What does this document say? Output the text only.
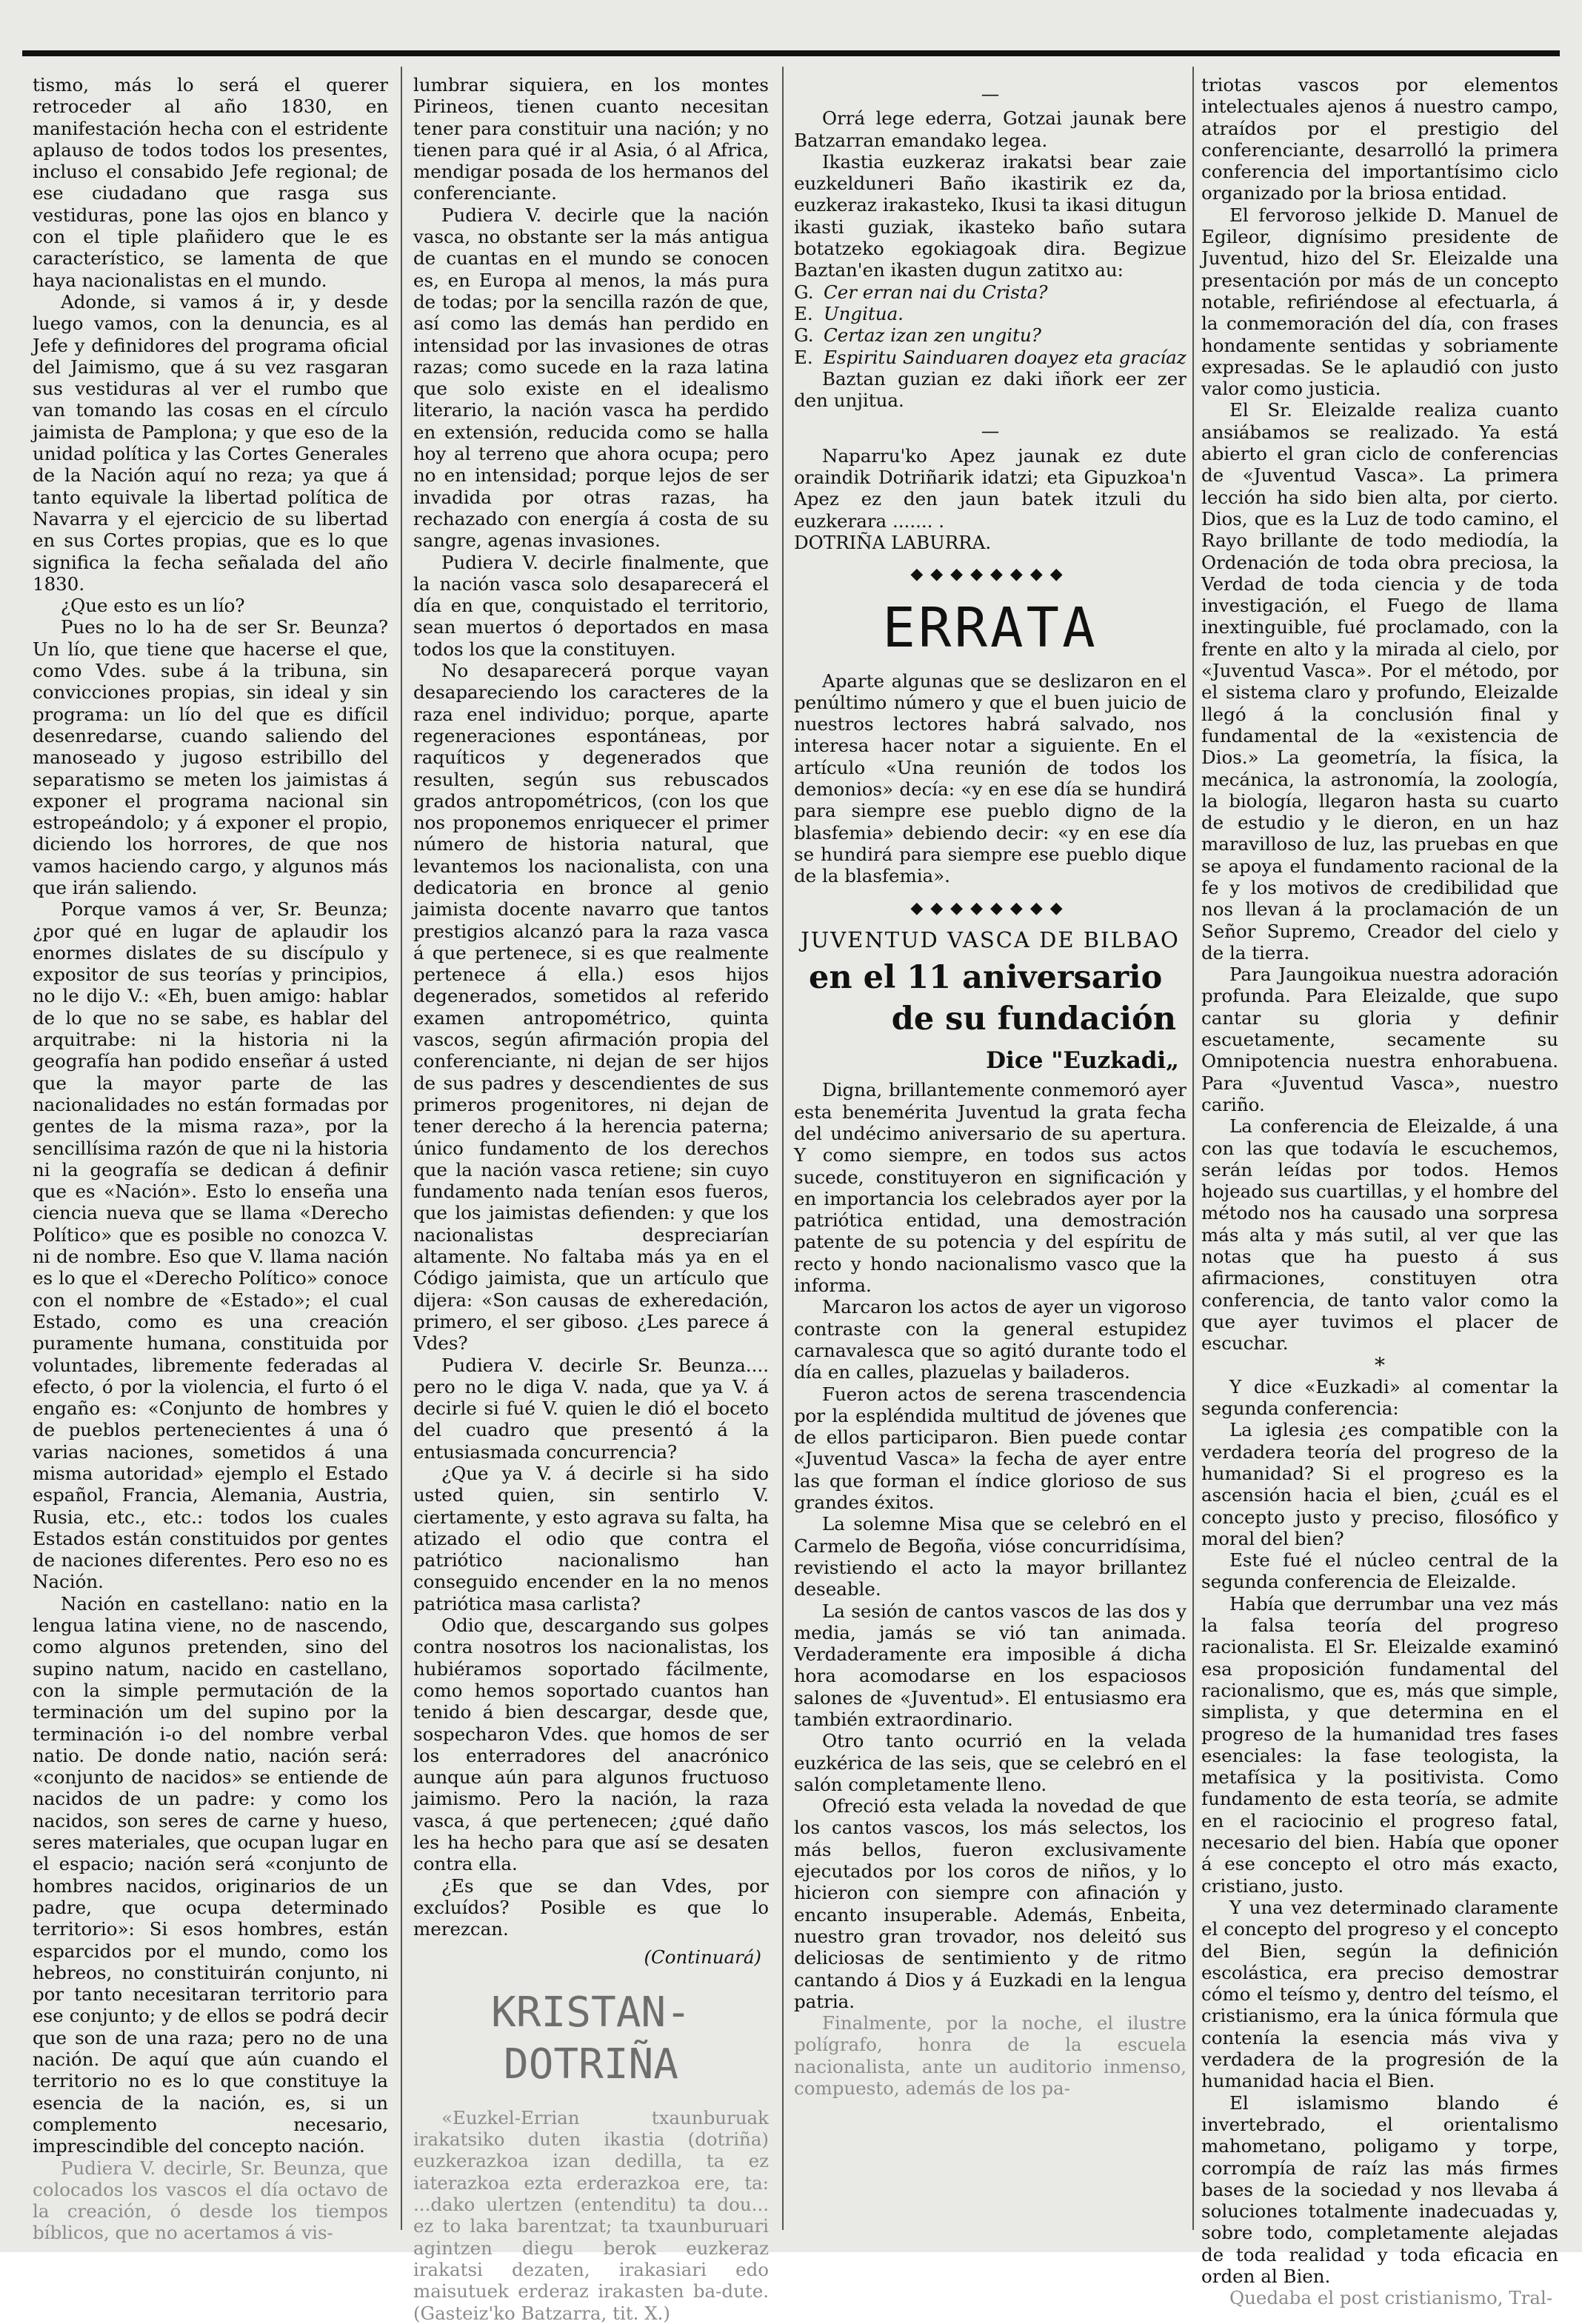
tismo, más lo será el querer retroceder al año 1830, en manifestación hecha con el estridente aplauso de todos todos los presentes, incluso el consabido Jefe regional; de ese ciudadano que rasga sus vestiduras, pone las ojos en blanco y con el tiple plañidero que le es característico, se lamenta de que haya nacionalistas en el mundo.

Adonde, si vamos á ir, y desde luego vamos, con la denuncia, es al Jefe y definidores del programa oficial del Jaimismo, que á su vez rasgaran sus vestiduras al ver el rumbo que van tomando las cosas en el círculo jaimista de Pamplona; y que eso de la unidad política y las Cortes Generales de la Nación aquí no reza; ya que á tanto equivale la libertad política de Navarra y el ejercicio de su libertad en sus Cortes propias, que es lo que significa la fecha señalada del año 1830.

¿Que esto es un lío?

Pues no lo ha de ser Sr. Beunza? Un lío, que tiene que hacerse el que, como Vdes. sube á la tribuna, sin convicciones propias, sin ideal y sin programa: un lío del que es difícil desenredarse, cuando saliendo del manoseado y jugoso estribillo del separatismo se meten los jaimistas á exponer el programa nacional sin estropeándolo; y á exponer el propio, diciendo los horrores, de que nos vamos haciendo cargo, y algunos más que irán saliendo.

Porque vamos á ver, Sr. Beunza; ¿por qué en lugar de aplaudir los enormes dislates de su discípulo y expositor de sus teorías y principios, no le dijo V.: «Eh, buen amigo: hablar de lo que no se sabe, es hablar del arquitrabe: ni la historia ni la geografía han podido enseñar á usted que la mayor parte de las nacionalidades no están formadas por gentes de la misma raza», por la sencillísima razón de que ni la historia ni la geografía se dedican á definir que es «Nación». Esto lo enseña una ciencia nueva que se llama «Derecho Político» que es posible no conozca V. ni de nombre. Eso que V. llama nación es lo que el «Derecho Político» conoce con el nombre de «Estado»; el cual Estado, como es una creación puramente humana, constituida por voluntades, libremente federadas al efecto, ó por la violencia, el furto ó el engaño es: «Conjunto de hombres y de pueblos pertenecientes á una ó varias naciones, sometidos á una misma autoridad» ejemplo el Estado español, Francia, Alemania, Austria, Rusia, etc., etc.: todos los cuales Estados están constituidos por gentes de naciones diferentes. Pero eso no es Nación.

Nación en castellano: natio en la lengua latina viene, no de nascendo, como algunos pretenden, sino del supino natum, nacido en castellano, con la simple permutación de la terminación um del supino por la terminación i-o del nombre verbal natio. De donde natio, nación será: «conjunto de nacidos» se entiende de nacidos de un padre: y como los nacidos, son seres de carne y hueso, seres materiales, que ocupan lugar en el espacio; nación será «conjunto de hombres nacidos, originarios de un padre, que ocupa determinado territorio»: Si esos hombres, están esparcidos por el mundo, como los hebreos, no constituirán conjunto, ni por tanto necesitaran territorio para ese conjunto; y de ellos se podrá decir que son de una raza; pero no de una nación. De aquí que aún cuando el territorio no es lo que constituye la esencia de la nación, es, si un complemento necesario, imprescindible del concepto nación.

Pudiera V. decirle, Sr. Beunza, que colocados los vascos el día octavo de la creación, ó desde los tiempos bíblicos, que no acertamos á vis-

lumbrar siquiera, en los montes Pirineos, tienen cuanto necesitan tener para constituir una nación; y no tienen para qué ir al Asia, ó al Africa, mendigar posada de los hermanos del conferenciante.

Pudiera V. decirle que la nación vasca, no obstante ser la más antigua de cuantas en el mundo se conocen es, en Europa al menos, la más pura de todas; por la sencilla razón de que, así como las demás han perdido en intensidad por las invasiones de otras razas; como sucede en la raza latina que solo existe en el idealismo literario, la nación vasca ha perdido en extensión, reducida como se halla hoy al terreno que ahora ocupa; pero no en intensidad; porque lejos de ser invadida por otras razas, ha rechazado con energía á costa de su sangre, agenas invasiones.

Pudiera V. decirle finalmente, que la nación vasca solo desaparecerá el día en que, conquistado el territorio, sean muertos ó deportados en masa todos los que la constituyen.

No desaparecerá porque vayan desapareciendo los caracteres de la raza enel individuo; porque, aparte regeneraciones espontáneas, por raquíticos y degenerados que resulten, según sus rebuscados grados antropométricos, (con los que nos proponemos enriquecer el primer número de historia natural, que levantemos los nacionalista, con una dedicatoria en bronce al genio jaimista docente navarro que tantos prestigios alcanzó para la raza vasca á que pertenece, si es que realmente pertenece á ella.) esos hijos degenerados, sometidos al referido examen antropométrico, quinta vascos, según afirmación propia del conferenciante, ni dejan de ser hijos de sus padres y descendientes de sus primeros progenitores, ni dejan de tener derecho á la herencia paterna; único fundamento de los derechos que la nación vasca retiene; sin cuyo fundamento nada tenían esos fueros, que los jaimistas defienden: y que los nacionalistas despreciarían altamente. No faltaba más ya en el Código jaimista, que un artículo que dijera: «Son causas de exheredación, primero, el ser giboso. ¿Les parece á Vdes?

Pudiera V. decirle Sr. Beunza.... pero no le diga V. nada, que ya V. á decirle si fué V. quien le dió el boceto del cuadro que presentó á la entusiasmada concurrencia?

¿Que ya V. á decirle si ha sido usted quien, sin sentirlo V. ciertamente, y esto agrava su falta, ha atizado el odio que contra el patriótico nacionalismo han conseguido encender en la no menos patriótica masa carlista?

Odio que, descargando sus golpes contra nosotros los nacionalistas, los hubiéramos soportado fácilmente, como hemos soportado cuantos han tenido á bien descargar, desde que, sospecharon Vdes. que homos de ser los enterradores del anacrónico aunque aún para algunos fructuoso jaimismo. Pero la nación, la raza vasca, á que pertenecen; ¿qué daño les ha hecho para que así se desaten contra ella.

¿Es que se dan Vdes, por excluídos? Posible es que lo merezcan.

(Continuará)
KRISTAN-DOTRIÑA

«Euzkel-Errian txaunburuak irakatsiko duten ikastia (dotriña) euzkerazkoa izan dedilla, ta ez iaterazkoa ezta erderazkoa ere, ta: ...dako ulertzen (entenditu) ta dou... ez to laka barentzat; ta txaunburuari agintzen diegu berok euzkeraz irakatsi dezaten, irakasiari edo maisutuek erderaz irakasten ba-dute. (Gasteiz'ko Batzarra, tit. X.)

—

Orrá lege ederra, Gotzai jaunak bere Batzarran emandako legea.

Ikastia euzkeraz irakatsi bear zaie euzkelduneri Baño ikastirik ez da, euzkeraz irakasteko, Ikusi ta ikasi ditugun ikasti guziak, ikasteko baño sutara botatzeko egokiagoak dira. Begizue Baztan'en ikasten dugun zatitxo au:

G. Cer erran nai du Crista?

E. Ungitua.

G. Certaz izan zen ungitu?

E. Espiritu Sainduaren doayez eta gracíaz

Baztan guzian ez daki iñork eer zer den unjitua.

—

Naparru'ko Apez jaunak ez dute oraindik Dotriñarik idatzi; eta Gipuzkoa'n Apez ez den jaun batek itzuli du euzkerara ....... .

DOTRIÑA LABURRA.

◆◆◆◆◆◆◆◆
ERRATA

Aparte algunas que se deslizaron en el penúltimo número y que el buen juicio de nuestros lectores habrá salvado, nos interesa hacer notar a siguiente. En el artículo «Una reunión de todos los demonios» decía: «y en ese día se hundirá para siempre ese pueblo digno de la blasfemia» debiendo decir: «y en ese día se hundirá para siempre ese pueblo dique de la blasfemia».

◆◆◆◆◆◆◆◆
JUVENTUD VASCA DE BILBAO
en el 11 aniversario
de su fundación
Dice "Euzkadi„

Digna, brillantemente conmemoró ayer esta benemérita Juventud la grata fecha del undécimo aniversario de su apertura. Y como siempre, en todos sus actos sucede, constituyeron en significación y en importancia los celebrados ayer por la patriótica entidad, una demostración patente de su potencia y del espíritu de recto y hondo nacionalismo vasco que la informa.

Marcaron los actos de ayer un vigoroso contraste con la general estupidez carnavalesca que so agitó durante todo el día en calles, plazuelas y bailaderos.

Fueron actos de serena trascendencia por la espléndida multitud de jóvenes que de ellos participaron. Bien puede contar «Juventud Vasca» la fecha de ayer entre las que forman el índice glorioso de sus grandes éxitos.

La solemne Misa que se celebró en el Carmelo de Begoña, vióse concurridísima, revistiendo el acto la mayor brillantez deseable.

La sesión de cantos vascos de las dos y media, jamás se vió tan animada. Verdaderamente era imposible á dicha hora acomodarse en los espaciosos salones de «Juventud». El entusiasmo era también extraordinario.

Otro tanto ocurrió en la velada euzkérica de las seis, que se celebró en el salón completamente lleno.

Ofreció esta velada la novedad de que los cantos vascos, los más selectos, los más bellos, fueron exclusivamente ejecutados por los coros de niños, y lo hicieron con siempre con afinación y encanto insuperable. Además, Enbeita, nuestro gran trovador, nos deleitó sus deliciosas de sentimiento y de ritmo cantando á Dios y á Euzkadi en la lengua patria.

Finalmente, por la noche, el ilustre polígrafo, honra de la escuela nacionalista, ante un auditorio inmenso, compuesto, además de los pa-

triotas vascos por elementos intelectuales ajenos á nuestro campo, atraídos por el prestigio del conferenciante, desarrolló la primera conferencia del importantísimo ciclo organizado por la briosa entidad.

El fervoroso jelkide D. Manuel de Egileor, dignísimo presidente de Juventud, hizo del Sr. Eleizalde una presentación por más de un concepto notable, refiriéndose al efectuarla, á la conmemoración del día, con frases hondamente sentidas y sobriamente expresadas. Se le aplaudió con justo valor como justicia.

El Sr. Eleizalde realiza cuanto ansiábamos se realizado. Ya está abierto el gran ciclo de conferencias de «Juventud Vasca». La primera lección ha sido bien alta, por cierto. Dios, que es la Luz de todo camino, el Rayo brillante de todo mediodía, la Ordenación de toda obra preciosa, la Verdad de toda ciencia y de toda investigación, el Fuego de llama inextinguible, fué proclamado, con la frente en alto y la mirada al cielo, por «Juventud Vasca». Por el método, por el sistema claro y profundo, Eleizalde llegó á la conclusión final y fundamental de la «existencia de Dios.» La geometría, la física, la mecánica, la astronomía, la zoología, la biología, llegaron hasta su cuarto de estudio y le dieron, en un haz maravilloso de luz, las pruebas en que se apoya el fundamento racional de la fe y los motivos de credibilidad que nos llevan á la proclamación de un Señor Supremo, Creador del cielo y de la tierra.

Para Jaungoikua nuestra adoración profunda. Para Eleizalde, que supo cantar su gloria y definir escuetamente, secamente su Omnipotencia nuestra enhorabuena. Para «Juventud Vasca», nuestro cariño.

La conferencia de Eleizalde, á una con las que todavía le escuchemos, serán leídas por todos. Hemos hojeado sus cuartillas, y el hombre del método nos ha causado una sorpresa más alta y más sutil, al ver que las notas que ha puesto á sus afirmaciones, constituyen otra conferencia, de tanto valor como la que ayer tuvimos el placer de escuchar.

*

Y dice «Euzkadi» al comentar la segunda conferencia:

La iglesia ¿es compatible con la verdadera teoría del progreso de la humanidad? Si el progreso es la ascensión hacia el bien, ¿cuál es el concepto justo y preciso, filosófico y moral del bien?

Este fué el núcleo central de la segunda conferencia de Eleizalde.

Había que derrumbar una vez más la falsa teoría del progreso racionalista. El Sr. Eleizalde examinó esa proposición fundamental del racionalismo, que es, más que simple, simplista, y que determina en el progreso de la humanidad tres fases esenciales: la fase teologista, la metafísica y la positivista. Como fundamento de esta teoría, se admite en el raciocinio el progreso fatal, necesario del bien. Había que oponer á ese concepto el otro más exacto, cristiano, justo.

Y una vez determinado claramente el concepto del progreso y el concepto del Bien, según la definición escolástica, era preciso demostrar cómo el teísmo y, dentro del teísmo, el cristianismo, era la única fórmula que contenía la esencia más viva y verdadera de la progresión de la humanidad hacia el Bien.

El islamismo blando é invertebrado, el orientalismo mahometano, poligamo y torpe, corrompía de raíz las más firmes bases de la sociedad y nos llevaba á soluciones totalmente inadecuadas y, sobre todo, completamente alejadas de toda realidad y toda eficacia en orden al Bien.

Quedaba el post cristianismo, Tral-
